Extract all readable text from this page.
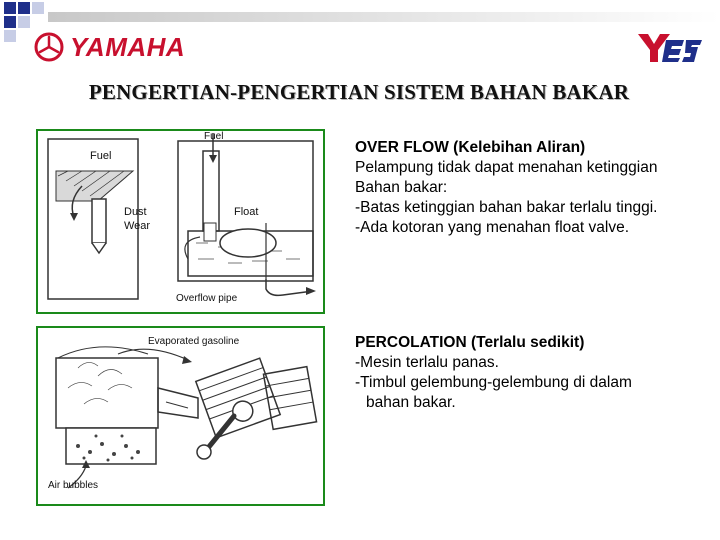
YAMAHA
PENGERTIAN-PENGERTIAN SISTEM BAHAN BAKAR
Fuel
Fuel
Dust
Wear
Float
Overflow pipe
Evaporated gasoline
Air bubbles
OVER FLOW (Kelebihan Aliran)
Pelampung tidak dapat menahan ketinggian
Bahan bakar:
-Batas ketinggian bahan bakar terlalu tinggi.
-Ada kotoran yang menahan float valve.
PERCOLATION (Terlalu sedikit)
-Mesin terlalu panas.
-Timbul gelembung-gelembung di dalam
bahan bakar.
